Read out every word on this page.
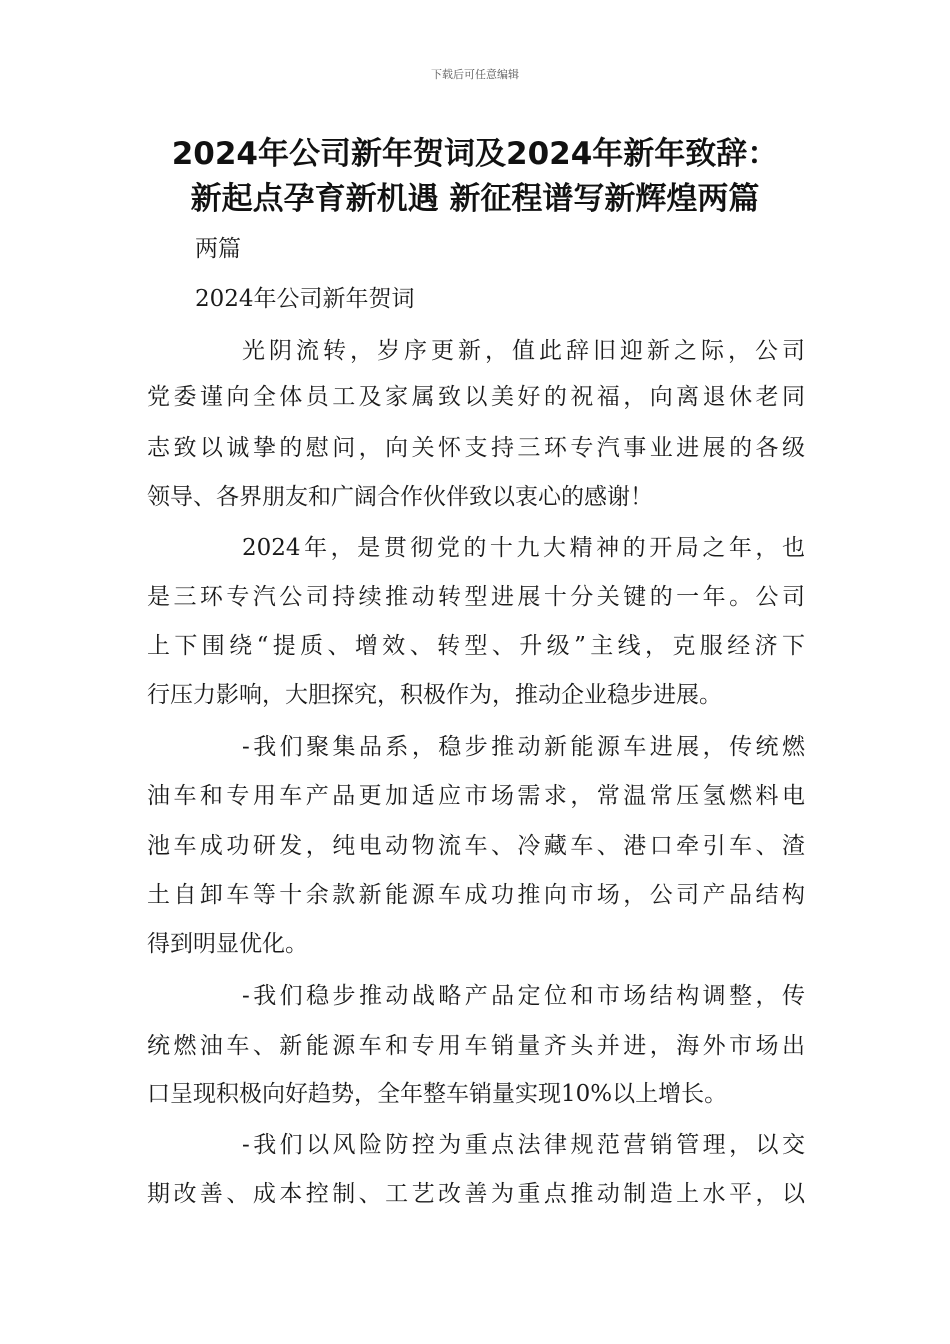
下载后可任意编辑
2024年公司新年贺词及2024年新年致辞：
新起点孕育新机遇 新征程谱写新辉煌两篇
两篇
2024年公司新年贺词
光阴流转，岁序更新，值此辞旧迎新之际，公司
党委谨向全体员工及家属致以美好的祝福，向离退休老同
志致以诚挚的慰问，向关怀支持三环专汽事业进展的各级
领导、各界朋友和广阔合作伙伴致以衷心的感谢！
2024年，是贯彻党的十九大精神的开局之年，也
是三环专汽公司持续推动转型进展十分关键的一年。公司
上下围绕“提质、增效、转型、升级”主线，克服经济下
行压力影响，大胆探究，积极作为，推动企业稳步进展。
-我们聚集品系，稳步推动新能源车进展，传统燃
油车和专用车产品更加适应市场需求，常温常压氢燃料电
池车成功研发，纯电动物流车、冷藏车、港口牵引车、渣
土自卸车等十余款新能源车成功推向市场，公司产品结构
得到明显优化。
-我们稳步推动战略产品定位和市场结构调整，传
统燃油车、新能源车和专用车销量齐头并进，海外市场出
口呈现积极向好趋势，全年整车销量实现10%以上增长。
-我们以风险防控为重点法律规范营销管理，以交
期改善、成本控制、工艺改善为重点推动制造上水平，以
